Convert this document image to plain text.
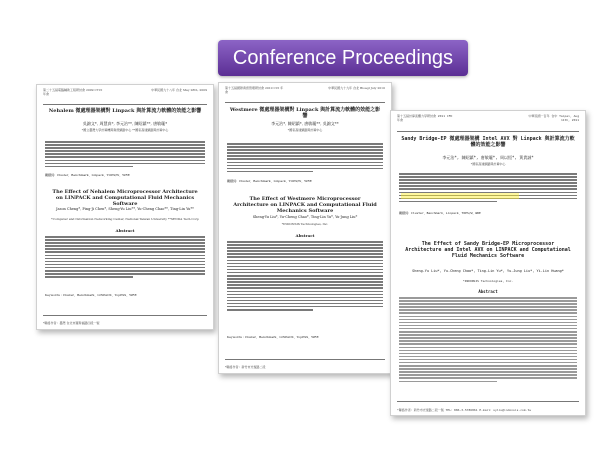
Conference Proceedings
第二十五屆電腦輔助工程研討會 2009 CTCI 年會
中華民國九十八年 台北 May 28th, 2009
Nehalem 微處理器架構對 Linpack 與計算流力軟體的效能之影響
吳錦文*, 周慧真*, 李元治**, 陳昭鎮**, 唐敏瓏*
*國立臺灣大學計算機與資訊網路中心 **國家高速網路與計算中心
關鍵詞：Cluster、Benchmark、Linpack、TOPS/W、WRE
The Effect of Nehalem Microprocessor Architecture on LINPACK and Computational Fluid Mechanics Software
Jason Cheng*, Ping-Ji Chen*, Sheng-Yu Liu**, Yu-Cheng Chao**, Ting-Lin Yu**
*Computer and Information Networking Center, National Taiwan University **SENDA Tech.Corp
Abstract
Keywords : Cluster、Benchmark、LINPACK、TopPSS、WRE
*聯絡作者：臺灣 台北市羅斯福路四段一號
第十五屆國際資訊管理研討會 2010 CCI 年會
中華民國九十九年 台北 Bioagl July 2010
Westmere 微處理器架構對 Linpack 與計算流力軟體的效能之影響
李元治*, 陳昭鎮*, 唐敏瓏**, 吳錦文**
*國家高速網路與計算中心
關鍵詞：Cluster、Benchmark、Linpack、TOPS/W、WRE
The Effect of Westmere Microprocessor Architecture on LINPACK and Computational Fluid Mechanics Software
Sheng-Yu Liu*, Yu-Cheng Chao*, Ting-Lin Yu*, Yu-Jung Liu*
*INDONSIS Technologies, Inc.
Abstract
Keywords : Cluster、Benchmark、LINPACK、TopPSS、WRE
*聯絡作者：新竹市光復路二段
第十五屆計算流體力學研討會 2011 CFD 年會
中華民國一百年 台中 Taipei, Aug 11th, 2011
Sandy Bridge-EP 微處理器架構 Intel AVX 對 Linpack 與計算流力軟體的效能之影響
李元治*, 陳昭鎮*, 唐敏瓏*, 周以恆*, 黃貴誠*
*國家高速網路與計算中心
關鍵詞：Cluster、Benchmark、Linpack、TOPS/W、WRE
The Effect of Sandy Bridge-EP Microprocessor Architecture and Intel AVX on LINPACK and Computational Fluid Mechanics Software
Sheng-Yu Liu*, Yu-Cheng Chao*, Ting-Lin Yu*, Yu-Jung Liu*, Yi-Lin Huang*
*INDONSIS Technologies, Inc.
Abstract
*聯絡作者：新竹市光復路二段一號 TEL：886-3-5786861 E-mail：syliu@indonsis.com.tw
